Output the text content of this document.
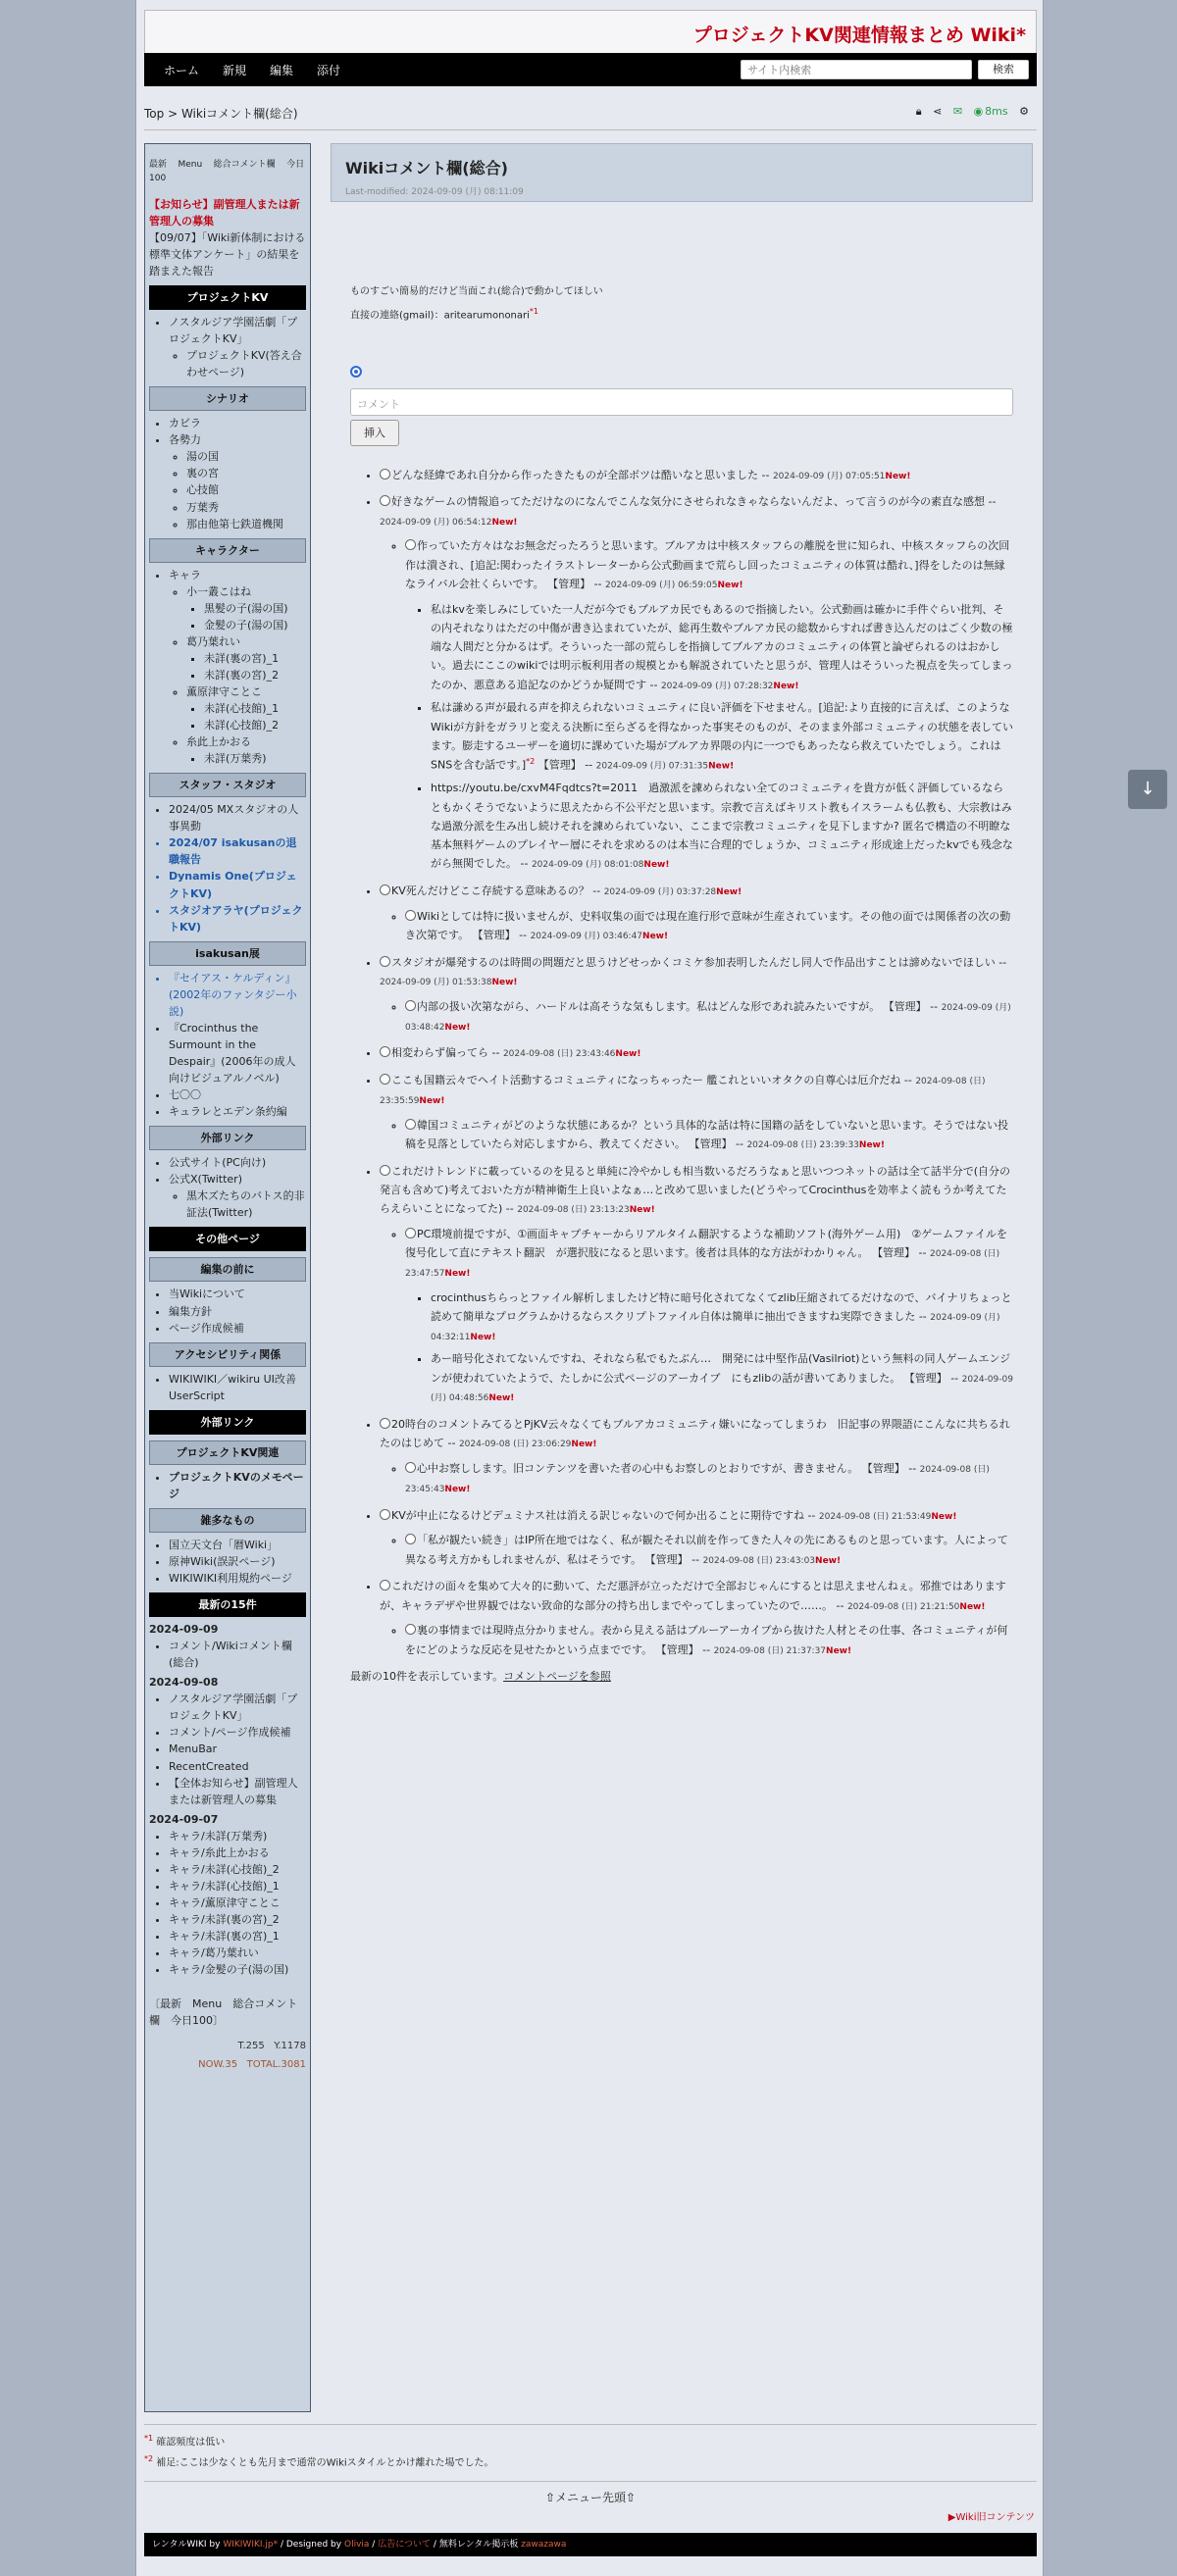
プロジェクトKV関連情報まとめ Wiki*
ホーム 新規 編集 添付
サイト内検索	検索
Top > Wikiコメント欄(総合)	🔒︎ ⋖ ✉ ◉ 8ms ⚙
最新 Menu 総合コメント欄 今日100
【お知らせ】副管理人または新管理人の募集
【09/07】「Wiki新体制における標準文体アンケート」の結果を踏まえた報告
プロジェクトKV
• ノスタルジア学園活劇「プロジェクトKV」
◦ プロジェクトKV(答え合わせページ)
シナリオ
• カビラ
• 各勢力
◦ 湯の国
◦ 裏の宮
◦ 心技館
◦ 万葉秀
◦ 那由他第七鉄道機関
キャラクター
• キャラ
◦ 小一叢こはね
▪ 黒髪の子(湯の国)
▪ 金髪の子(湯の国)
◦ 葛乃葉れい
▪ 未詳(裏の宮)_1
▪ 未詳(裏の宮)_2
◦ 薫原津守ことこ
▪ 未詳(心技館)_1
▪ 未詳(心技館)_2
◦ 糸此上かおる
▪ 未詳(万葉秀)
スタッフ・スタジオ
• 2024/05 MXスタジオの人事異動
• 2024/07 isakusanの退職報告
• Dynamis One(プロジェクトKV)
• スタジオアラヤ(プロジェクトKV)
isakusan展
• 『セイアス・ケルディン』(2002年のファンタジー小説)
• 『Crocinthus the Surmount in the Despair』(2006年の成人向けビジュアルノベル)
• 七〇〇
• キュラレとエデン条約編
外部リンク
• 公式サイト(PC向け)
• 公式X(Twitter)
◦ 黒木ズたちのバトス的非証法(Twitter)
その他ページ
編集の前に
• 当Wikiについて
• 編集方針
• ページ作成候補
アクセシビリティ関係
• WIKIWIKI／wikiru UI改善UserScript
外部リンク
プロジェクトKV関連
• プロジェクトKVのメモページ
雑多なもの
• 国立天文台「暦Wiki」
• 原神Wiki(誤訳ページ)
• WIKIWIKI利用規約ページ
最新の15件
2024-09-09
• コメント/Wikiコメント欄(総合)
2024-09-08
• ノスタルジア学園活劇「プロジェクトKV」
• コメント/ページ作成候補
• MenuBar
• RecentCreated
• 【全体お知らせ】副管理人または新管理人の募集
2024-09-07
• キャラ/未詳(万葉秀)
• キャラ/糸此上かおる
• キャラ/未詳(心技館)_2
• キャラ/未詳(心技館)_1
• キャラ/薫原津守ことこ
• キャラ/未詳(裏の宮)_2
• キャラ/未詳(裏の宮)_1
• キャラ/葛乃葉れい
• キャラ/金髪の子(湯の国)
〔最新　Menu　総合コメント欄　今日100〕
T.255 Y.1178
NOW.35 TOTAL.3081
Wikiコメント欄(総合)
Last-modified: 2024-09-09 (月) 08:11:09
ものすごい簡易的だけど当面これ(総合)で動かしてほしい
直接の連絡(gmail)：aritearumononari$^{*1}$
コメント
挿入
• どんな経緯であれ自分から作ったきたものが全部ボツは酷いなと思いました -- 2024-09-09 (月) 07:05:51New!
• 好きなゲームの情報追ってただけなのになんでこんな気分にさせられなきゃならないんだよ、って言うのが今の素直な感想 -- 2024-09-09 (月) 06:54:12New!
◦ 作っていた方々はなお無念だったろうと思います。ブルアカは中核スタッフらの離脱を世に知られ、中核スタッフらの次回作は潰され、[追記:関わったイラストレーターから公式動画まで荒らし回ったコミュニティの体質は酷れ、]得をしたのは無縁なライバル会社くらいです。 【管理】 -- 2024-09-09 (月) 06:59:05New!
▪ 私はkvを楽しみにしていた一人だが今でもブルアカ民でもあるので指摘したい。公式動画は確かに手件ぐらい批判、その内それなりはただの中傷が書き込まれていたが、総再生数やブルアカ民の総数からすれば書き込んだのはごく少数の極端な人間だと分かるはず。そういった一部の荒らしを指摘してブルアカのコミュニティの体質と論ぜられるのはおかしい。過去にここのwikiでは明示板利用者の規模とかも解説されていたと思うが、管理人はそういった視点を失ってしまったのか、悪意ある追記なのかどうか疑問です -- 2024-09-09 (月) 07:28:32New!
▪ 私は謙める声が最れる声を抑えられないコミュニティに良い評価を下せません。[追記:より直接的に言えば、このようなWikiが方針をガラリと変える決断に至らざるを得なかった事実そのものが、そのまま外部コミュニティの状態を表しています。膨走するユーザーを適切に課めていた場がブルアカ界隈の内に一つでもあったなら救えていたでしょう。これはSNSを含む話です。]$^{*2}$ 【管理】 -- 2024-09-09 (月) 07:31:35New!
▪ https://youtu.be/cxvM4Fqdtcs?t=2011　過激派を諫められない全てのコミュニティを貴方が低く評価しているならともかくそうでないように思えたから不公平だと思います。宗教で言えばキリスト教もイスラームも仏教も、大宗教はみな過激分派を生み出し続けそれを諫められていない、ここまで宗教コミュニティを見下しますか? 匿名で構造の不明瞭な基本無料ゲームのプレイヤー層にそれを求めるのは本当に合理的でしょうか、コミュニティ形成途上だったkvでも残念ながら無関でした。 -- 2024-09-09 (月) 08:01:08New!
• KV死んだけどここ存続する意味あるの？ -- 2024-09-09 (月) 03:37:28New!
◦ Wikiとしては特に扱いませんが、史料収集の面では現在進行形で意味が生産されています。その他の面では関係者の次の動き次第です。 【管理】 -- 2024-09-09 (月) 03:46:47New!
• スタジオが爆発するのは時間の問題だと思うけどせっかくコミケ参加表明したんだし同人で作品出すことは諦めないでほしい -- 2024-09-09 (月) 01:53:38New!
◦ 内部の扱い次第ながら、ハードルは高そうな気もします。私はどんな形であれ読みたいですが。 【管理】 -- 2024-09-09 (月) 03:48:42New!
• 相変わらず偏ってら -- 2024-09-08 (日) 23:43:46New!
• ここも国籍云々でヘイト活動するコミュニティになっちゃったー 艦これといいオタクの自尊心は厄介だね -- 2024-09-08 (日) 23:35:59New!
◦ 韓国コミュニティがどのような状態にあるか？という具体的な話は特に国籍の話をしていないと思います。そうではない投稿を見落としていたら対応しますから、教えてください。 【管理】 -- 2024-09-08 (日) 23:39:33New!
• これだけトレンドに載っているのを見ると単純に冷やかしも相当数いるだろうなぁと思いつつネットの話は全て話半分で(自分の発言も含めて)考えておいた方が精神衛生上良いよなぁ…と改めて思いました(どうやってCrocinthusを効率よく読もうか考えてたらえらいことになってた) -- 2024-09-08 (日) 23:13:23New!
◦ PC環境前提ですが、①画面キャプチャーからリアルタイム翻訳するような補助ソフト(海外ゲーム用)　②ゲームファイルを復号化して直にテキスト翻訳　が選択肢になると思います。後者は具体的な方法がわかりゃん。 【管理】 -- 2024-09-08 (日) 23:47:57New!
▪ crocinthusちらっとファイル解析しましたけど特に暗号化されてなくてzlib圧縮されてるだけなので、バイナリちょっと読めて簡単なプログラムかけるならスクリプトファイル自体は簡単に抽出できますね実際できました -- 2024-09-09 (月) 04:32:11New!
▪ あー暗号化されてないんですね、それなら私でもたぶん…　開発には中堅作品(Vasilriot)という無料の同人ゲームエンジンが使われていたようで、たしかに公式ページのアーカイブ　にもzlibの話が書いてありました。 【管理】 -- 2024-09-09 (月) 04:48:56New!
• 20時台のコメントみてるとPjKV云々なくてもブルアカコミュニティ嫌いになってしまうわ　旧記事の界隈語にこんなに共ちるれたのはじめて -- 2024-09-08 (日) 23:06:29New!
◦ 心中お察しします。旧コンテンツを書いた者の心中もお察しのとおりですが、書きません。 【管理】 -- 2024-09-08 (日) 23:45:43New!
• KVが中止になるけどデュミナス社は消える訳じゃないので何か出ることに期待ですね -- 2024-09-08 (日) 21:53:49New!
◦ 「私が観たい続き」はIP所在地ではなく、私が観たそれ以前を作ってきた人々の先にあるものと思っています。人によって異なる考え方かもしれませんが、私はそうです。 【管理】 -- 2024-09-08 (日) 23:43:03New!
• これだけの面々を集めて大々的に動いて、ただ悪評が立っただけで全部おじゃんにするとは思えませんねぇ。邪推ではありますが、キャラデザや世界観ではない致命的な部分の持ち出しまでやってしまっていたので……。 -- 2024-09-08 (日) 21:21:50New!
◦ 裏の事情までは現時点分かりません。表から見える話はブルーアーカイブから抜けた人材とその仕事、各コミュニティが何をにどのような反応を見せたかという点までです。 【管理】 -- 2024-09-08 (日) 21:37:37New!
最新の10件を表示しています。コメントページを参照
$^{*1}$ 確認頻度は低い
$^{*2}$ 補足:ここは少なくとも先月まで通常のWikiスタイルとかけ離れた場でした。
⇧メニュー先頭⇧
▶Wiki旧コンテンツ
レンタルWIKI by WIKIWIKI.jp* / Designed by Olivia / 広告について / 無料レンタル掲示板 zawazawa
↓
